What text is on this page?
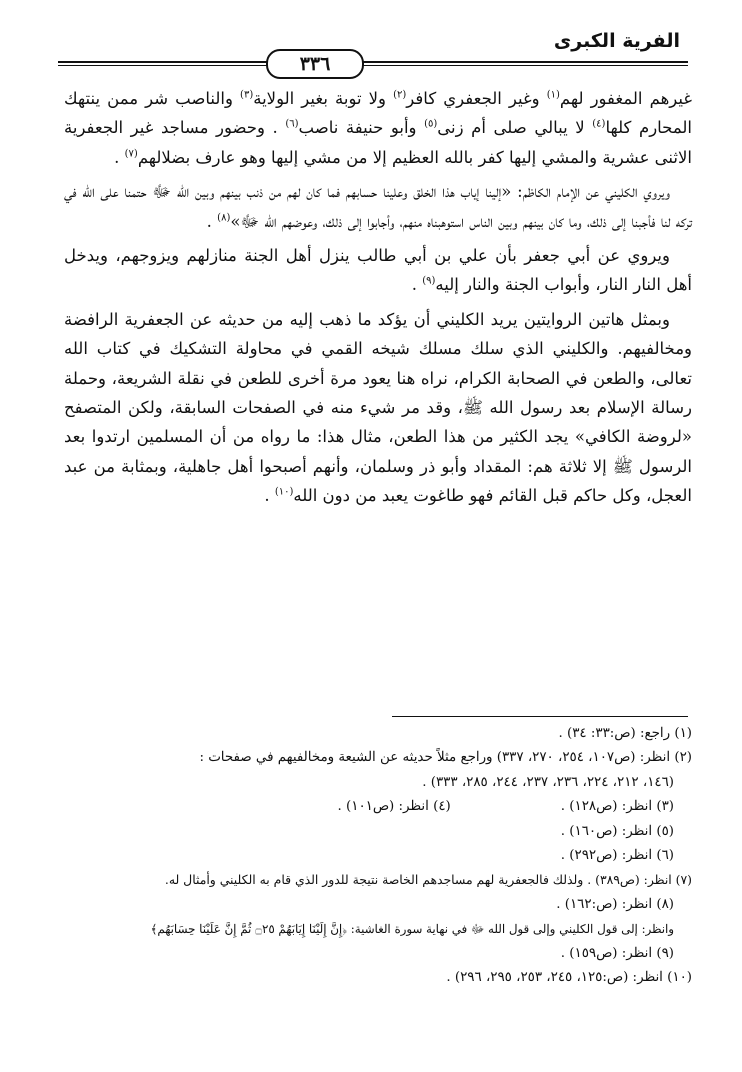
الفرية الكبرى
٣٣٦

غيرهم المغفور لهم$^{(١)}$ وغير الجعفري كافر$^{(٢)}$ ولا توبة بغير الولاية$^{(٣)}$ والناصب شر ممن ينتهك المحارم كلها$^{(٤)}$ لا يبالي صلى أم زنى$^{(٥)}$ وأبو حنيفة ناصب$^{(٦)}$ . وحضور مساجد غير الجعفرية الاثنى عشرية والمشي إليها كفر بالله العظيم إلا من مشي إليها وهو عارف بضلالهم$^{(٧)}$ .

ويروي الكليني عن الإمام الكاظم: «إلينا إياب هذا الخلق وعلينا حسابهم فما كان لهم من ذنب بينهم وبين الله ﷻ حتمنا على الله في تركه لنا فأجبنا إلى ذلك، وما كان بينهم وبين الناس استوهبناه منهم، وأجابوا إلى ذلك، وعوضهم الله ﷻ»$^{(٨)}$ .

ويروي عن أبي جعفر بأن علي بن أبي طالب ينزل أهل الجنة منازلهم ويزوجهم، ويدخل أهل النار النار، وأبواب الجنة والنار إليه$^{(٩)}$ .

وبمثل هاتين الروايتين يريد الكليني أن يؤكد ما ذهب إليه من حديثه عن الجعفرية الرافضة ومخالفيهم. والكليني الذي سلك مسلك شيخه القمي في محاولة التشكيك في كتاب الله تعالى، والطعن في الصحابة الكرام، نراه هنا يعود مرة أخرى للطعن في نقلة الشريعة، وحملة رسالة الإسلام بعد رسول الله ﷺ، وقد مر شيء منه في الصفحات السابقة، ولكن المتصفح «لروضة الكافي» يجد الكثير من هذا الطعن، مثال هذا: ما رواه من أن المسلمين ارتدوا بعد الرسول ﷺ إلا ثلاثة هم: المقداد وأبو ذر وسلمان، وأنهم أصبحوا أهل جاهلية، وبمثابة من عبد العجل، وكل حاكم قبل القائم فهو طاغوت يعبد من دون الله$^{(١٠)}$ .

(١) راجع: (ص:٣٣: ٣٤) .

(٢) انظر: (ص١٠٧، ٢٥٤، ٢٧٠، ٣٣٧) وراجع مثلاً حديثه عن الشيعة ومخالفيهم في صفحات :

(١٤٦، ٢١٢، ٢٢٤، ٢٣٦، ٢٣٧، ٢٤٤، ٢٨٥، ٣٣٣) .

(٣) انظر: (ص١٢٨) .(٤) انظر: (ص١٠١) .

(٥) انظر: (ص١٦٠) .

(٦) انظر: (ص٢٩٢) .

(٧) انظر: (ص٣٨٩) . ولذلك فالجعفرية لهم مساجدهم الخاصة نتيجة للدور الذي قام به الكليني وأمثال له.

(٨) انظر: (ص:١٦٢) .

وانظر: إلى قول الكليني وإلى قول الله ﷻ في نهاية سورة الغاشية: ﴿إِنَّ إِلَيْنَا إِيَابَهُمْ ۝٢٥ ثُمَّ إِنَّ عَلَيْنَا حِسَابَهُم﴾

(٩) انظر: (ص١٥٩) .

(١٠) انظر: (ص:١٢٥، ٢٤٥، ٢٥٣، ٢٩٥، ٢٩٦) .
